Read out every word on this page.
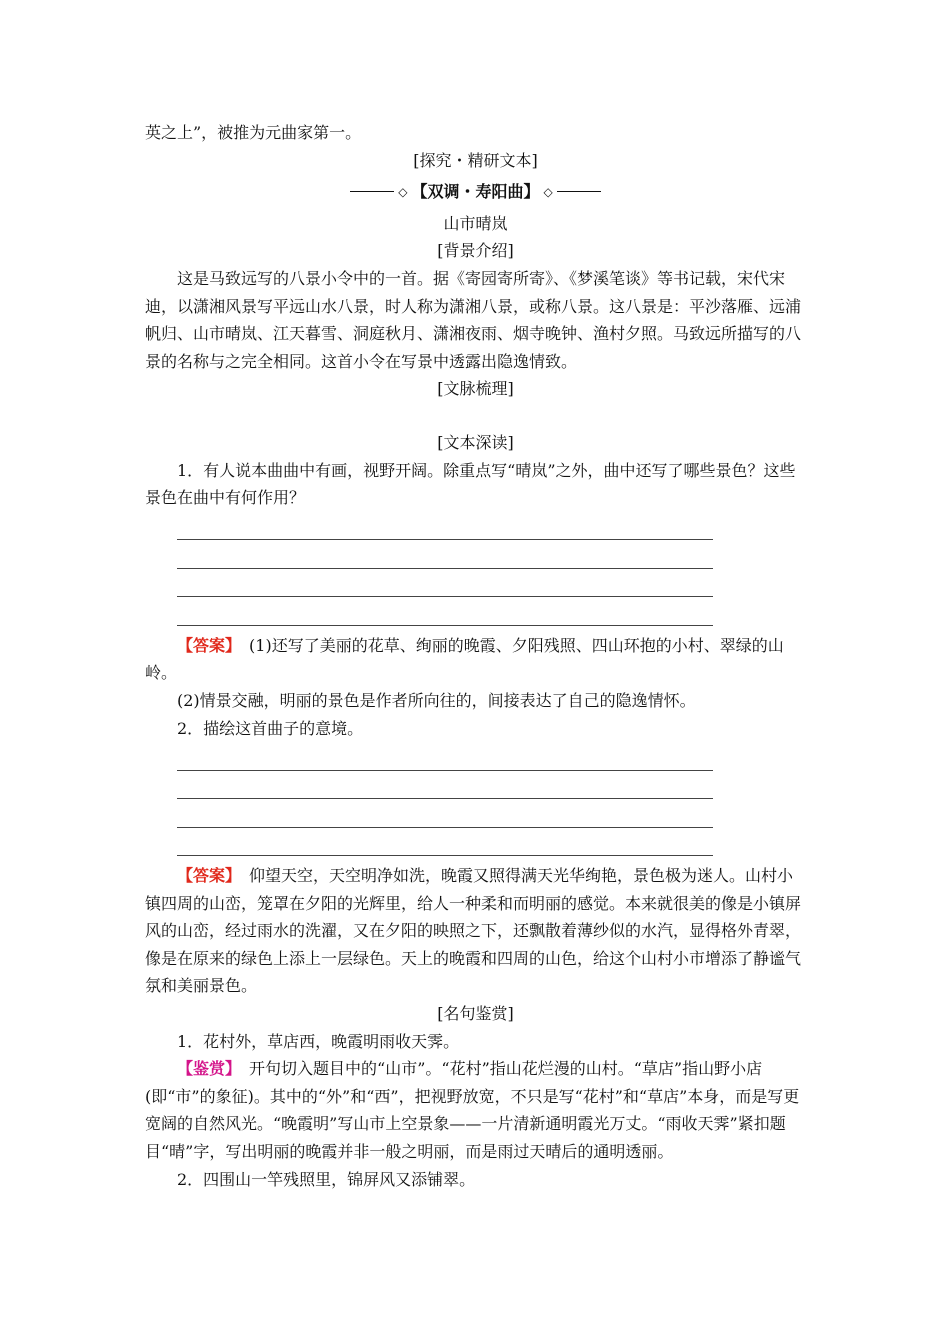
英之上”，被推为元曲家第一。

[探究・精研文本]

◇ 【双调・寿阳曲】 ◇

山市晴岚

[背景介绍]

这是马致远写的八景小令中的一首。据《寄园寄所寄》、《梦溪笔谈》等书记载，宋代宋迪，以潇湘风景写平远山水八景，时人称为潇湘八景，或称八景。这八景是：平沙落雁、远浦帆归、山市晴岚、江天暮雪、洞庭秋月、潇湘夜雨、烟寺晚钟、渔村夕照。马致远所描写的八景的名称与之完全相同。这首小令在写景中透露出隐逸情致。

[文脉梳理]

[文本深读]

1．有人说本曲曲中有画，视野开阔。除重点写“晴岚”之外，曲中还写了哪些景色？这些景色在曲中有何作用？

【答案】　 (1)还写了美丽的花草、绚丽的晚霞、夕阳残照、四山环抱的小村、翠绿的山岭。

(2)情景交融，明丽的景色是作者所向往的，间接表达了自己的隐逸情怀。

2．描绘这首曲子的意境。

【答案】　 仰望天空，天空明净如洗，晚霞又照得满天光华绚艳，景色极为迷人。山村小镇四周的山峦，笼罩在夕阳的光辉里，给人一种柔和而明丽的感觉。本来就很美的像是小镇屏风的山峦，经过雨水的洗濯，又在夕阳的映照之下，还飘散着薄纱似的水汽，显得格外青翠，像是在原来的绿色上添上一层绿色。天上的晚霞和四周的山色，给这个山村小市增添了静谧气氛和美丽景色。

[名句鉴赏]

1．花村外，草店西，晚霞明雨收天霁。

【鉴赏】　 开句切入题目中的“山市”。“花村”指山花烂漫的山村。“草店”指山野小店(即“市”的象征)。其中的“外”和“西”，把视野放宽，不只是写“花村”和“草店”本身，而是写更宽阔的自然风光。“晚霞明”写山市上空景象——一片清新通明霞光万丈。“雨收天霁”紧扣题目“晴”字，写出明丽的晚霞并非一般之明丽，而是雨过天晴后的通明透丽。

2．四围山一竿残照里，锦屏风又添铺翠。
